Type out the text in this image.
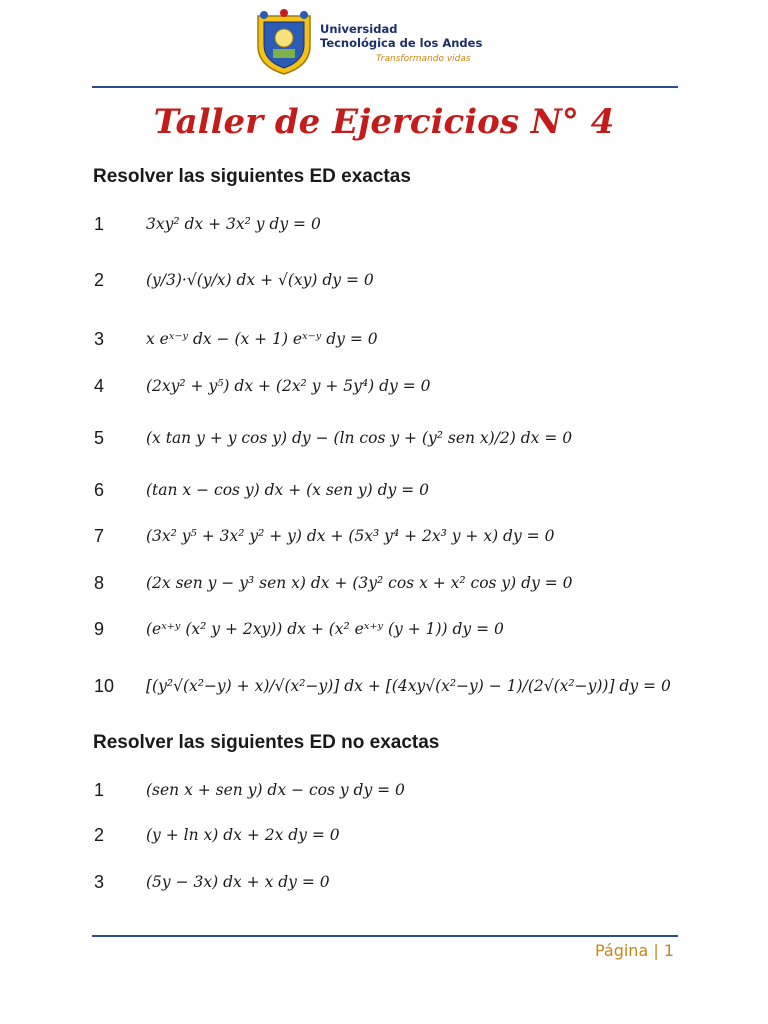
Universidad
Tecnológica de los Andes
Transformando vidas
Taller de Ejercicios N° 4
Resolver las siguientes ED exactas
1	3xy² dx + 3x² y dy = 0
2	(y/3)·√(y/x) dx + √(xy) dy = 0
3	x eˣ⁻ʸ dx − (x + 1) eˣ⁻ʸ dy = 0
4	(2xy² + y⁵) dx + (2x² y + 5y⁴) dy = 0
5	(x tan y + y cos y) dy − (ln cos y + (y² sen x)/2) dx = 0
6	(tan x − cos y) dx + (x sen y) dy = 0
7	(3x² y⁵ + 3x² y² + y) dx + (5x³ y⁴ + 2x³ y + x) dy = 0
8	(2x sen y − y³ sen x) dx + (3y² cos x + x² cos y) dy = 0
9	(eˣ⁺ʸ (x² y + 2xy)) dx + (x² eˣ⁺ʸ (y + 1)) dy = 0
10 [(y²√(x²−y) + x)/√(x²−y)] dx + [(4xy√(x²−y) − 1)/(2√(x²−y))] dy = 0
Resolver las siguientes ED no exactas
1	(sen x + sen y) dx − cos y dy = 0
2	(y + ln x) dx + 2x dy = 0
3	(5y − 3x) dx + x dy = 0
Página | 1
